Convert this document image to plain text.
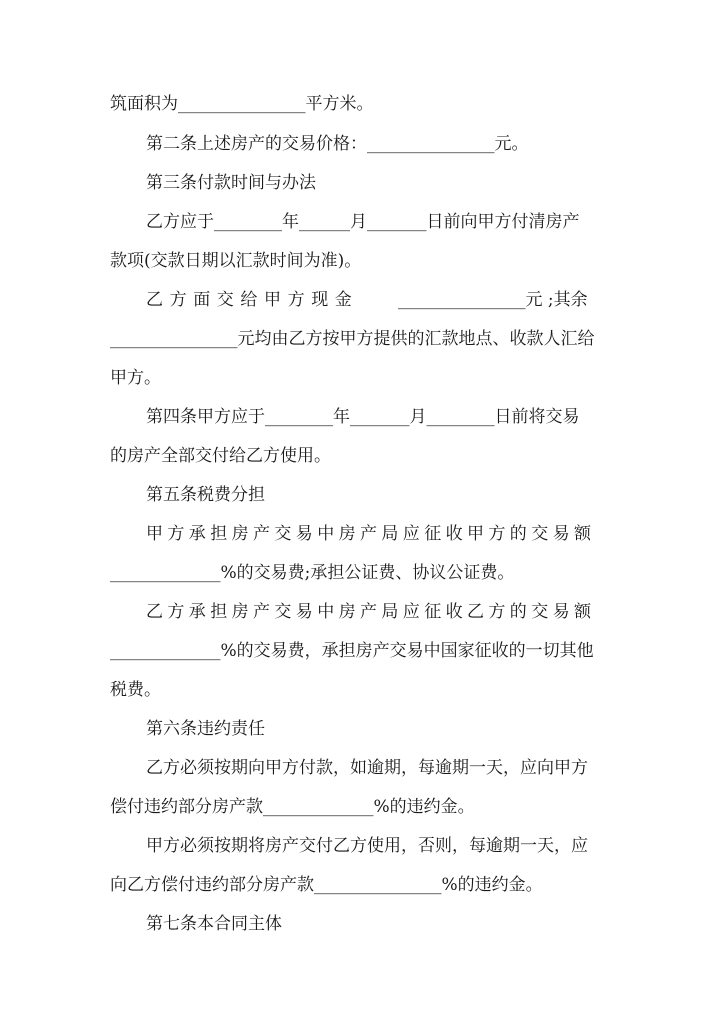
筑面积为_______________平方米。
第二条上述房产的交易价格：_______________元。
第三条付款时间与办法
乙方应于________年______月_______日前向甲方付清房产
款项(交款日期以汇款时间为准)。
乙方面交给甲方现金 _______________元 ;其余
_______________元均由乙方按甲方提供的汇款地点、收款人汇给
甲方。
第四条甲方应于________年_______月________日前将交易
的房产全部交付给乙方使用。
第五条税费分担
甲方承担房产交易中房产局应征收甲方的交易额
_____________%的交易费;承担公证费、协议公证费。
乙方承担房产交易中房产局应征收乙方的交易额
_____________%的交易费，承担房产交易中国家征收的一切其他
税费。
第六条违约责任
乙方必须按期向甲方付款，如逾期，每逾期一天，应向甲方
偿付违约部分房产款_____________%的违约金。
甲方必须按期将房产交付乙方使用，否则，每逾期一天，应
向乙方偿付违约部分房产款_______________%的违约金。
第七条本合同主体
